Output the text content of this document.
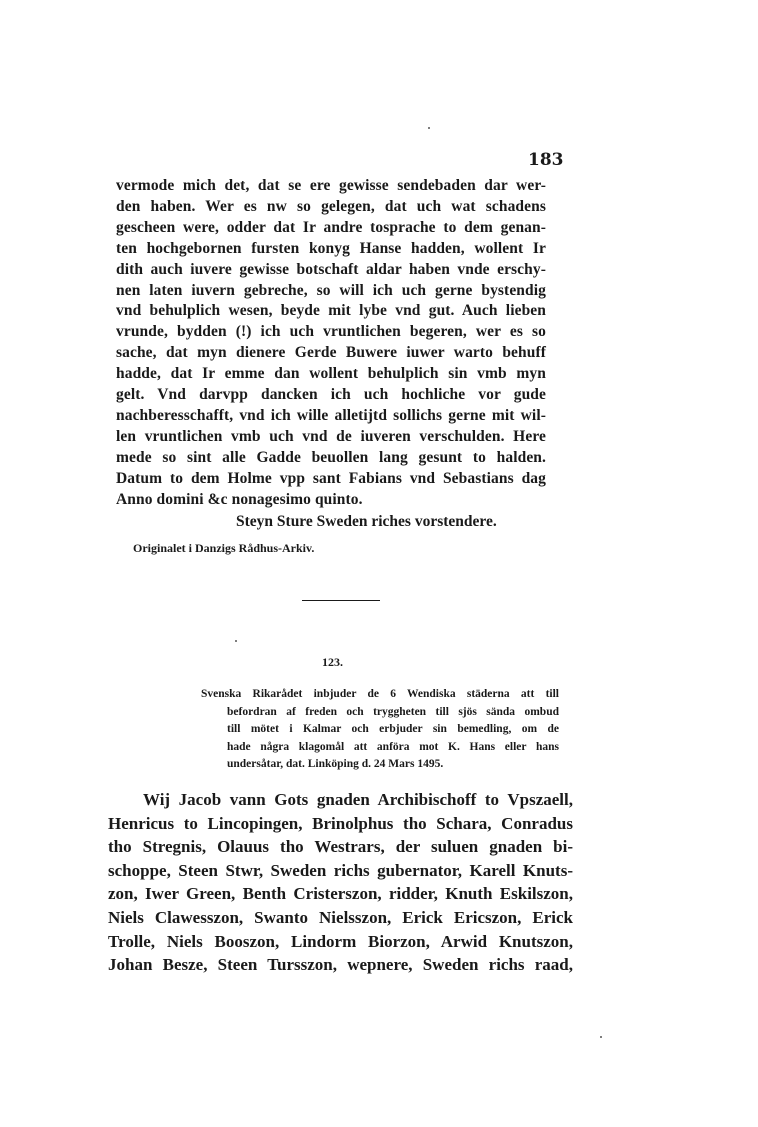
183
vermode mich det, dat se ere gewisse sendebaden dar wer-
den haben. Wer es nw so gelegen, dat uch wat schadens
gescheen were, odder dat Ir andre tosprache to dem genan-
ten hochgebornen fursten konyg Hanse hadden, wollent Ir
dith auch iuvere gewisse botschaft aldar haben vnde erschy-
nen laten iuvern gebreche, so will ich uch gerne bystendig
vnd behulplich wesen, beyde mit lybe vnd gut. Auch lieben
vrunde, bydden (!) ich uch vruntlichen begeren, wer es so
sache, dat myn dienere Gerde Buwere iuwer warto behuff
hadde, dat Ir emme dan wollent behulplich sin vmb myn
gelt. Vnd darvpp dancken ich uch hochliche vor gude
nachberesschafft, vnd ich wille alletijtd sollichs gerne mit wil-
len vruntlichen vmb uch vnd de iuveren verschulden. Here
mede so sint alle Gadde beuollen lang gesunt to halden.
Datum to dem Holme vpp sant Fabians vnd Sebastians dag
Anno domini &c nonagesimo quinto.
Steyn Sture Sweden riches vorstendere.
Originalet i Danzigs Rådhus-Arkiv.
123.
Svenska Rikarådet inbjuder de 6 Wendiska städerna att till
befordran af freden och tryggheten till sjös sända ombud
till mötet i Kalmar och erbjuder sin bemedling, om de
hade några klagomål att anföra mot K. Hans eller hans
undersåtar, dat. Linköping d. 24 Mars 1495.
Wij Jacob vann Gots gnaden Archibischoff to Vpszaell,
Henricus to Lincopingen, Brinolphus tho Schara, Conradus
tho Stregnis, Olauus tho Westrars, der suluen gnaden bi-
schoppe, Steen Stwr, Sweden richs gubernator, Karell Knuts-
zon, Iwer Green, Benth Cristerszon, ridder, Knuth Eskilszon,
Niels Clawesszon, Swanto Nielsszon, Erick Ericszon, Erick
Trolle, Niels Booszon, Lindorm Biorzon, Arwid Knutszon,
Johan Besze, Steen Tursszon, wepnere, Sweden richs raad,
